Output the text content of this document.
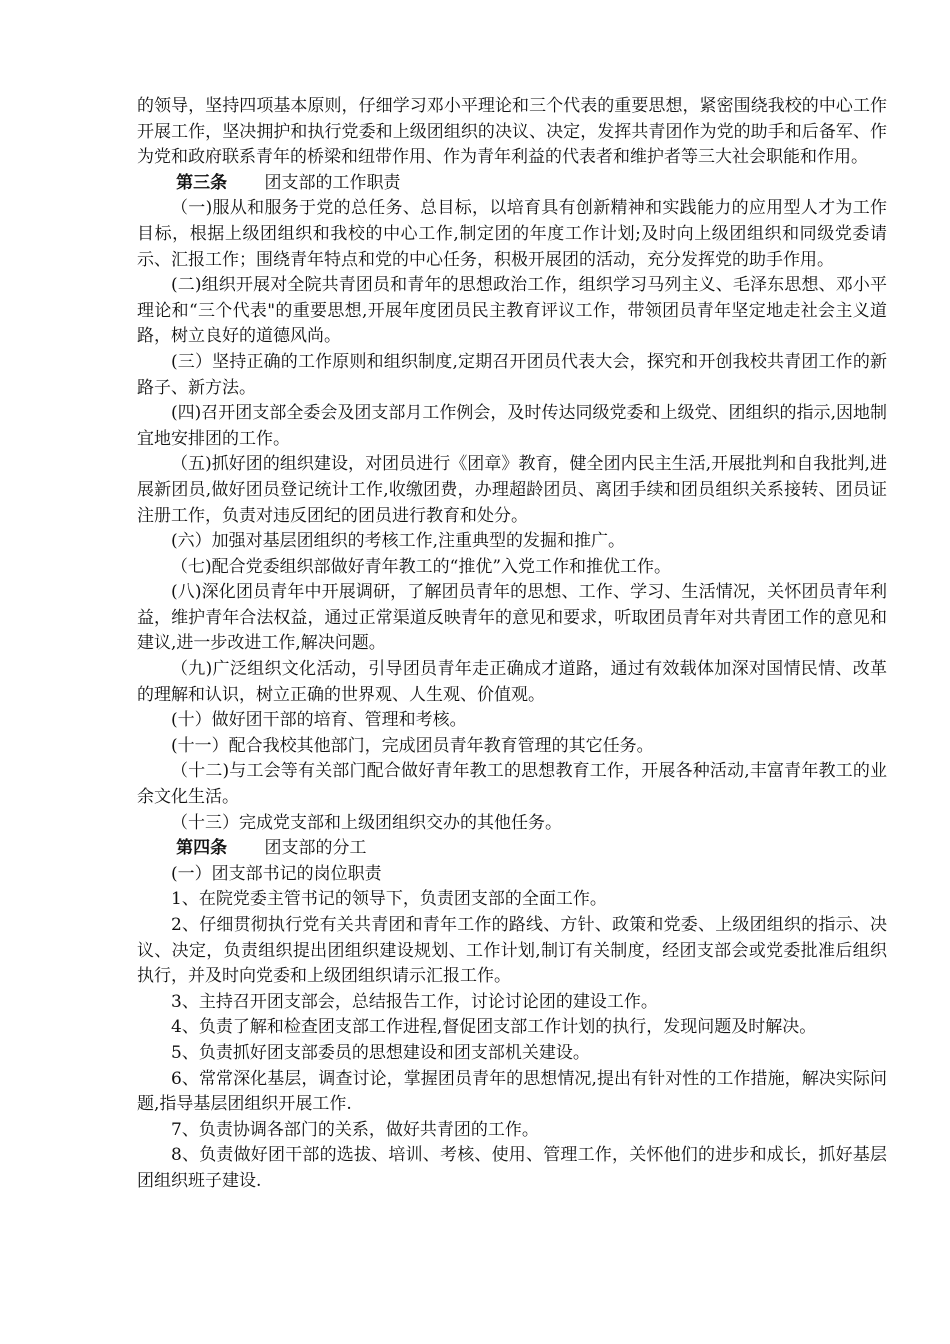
的领导，坚持四项基本原则，仔细学习邓小平理论和三个代表的重要思想，紧密围绕我校的中心工作开展工作，坚决拥护和执行党委和上级团组织的决议、决定，发挥共青团作为党的助手和后备军、作为党和政府联系青年的桥梁和纽带作用、作为青年利益的代表者和维护者等三大社会职能和作用。

第三条 团支部的工作职责

（一)服从和服务于党的总任务、总目标，以培育具有创新精神和实践能力的应用型人才为工作目标，根据上级团组织和我校的中心工作,制定团的年度工作计划;及时向上级团组织和同级党委请示、汇报工作；围绕青年特点和党的中心任务，积极开展团的活动，充分发挥党的助手作用。

(二)组织开展对全院共青团员和青年的思想政治工作，组织学习马列主义、毛泽东思想、邓小平理论和“三个代表"的重要思想,开展年度团员民主教育评议工作，带领团员青年坚定地走社会主义道路，树立良好的道德风尚。

(三）坚持正确的工作原则和组织制度,定期召开团员代表大会，探究和开创我校共青团工作的新路子、新方法。

(四)召开团支部全委会及团支部月工作例会，及时传达同级党委和上级党、团组织的指示,因地制宜地安排团的工作。

（五)抓好团的组织建设，对团员进行《团章》教育，健全团内民主生活,开展批判和自我批判,进展新团员,做好团员登记统计工作,收缴团费，办理超龄团员、离团手续和团员组织关系接转、团员证注册工作，负责对违反团纪的团员进行教育和处分。

(六）加强对基层团组织的考核工作,注重典型的发掘和推广。

（七)配合党委组织部做好青年教工的“推优”入党工作和推优工作。

(八)深化团员青年中开展调研，了解团员青年的思想、工作、学习、生活情况，关怀团员青年利益，维护青年合法权益，通过正常渠道反映青年的意见和要求，听取团员青年对共青团工作的意见和建议,进一步改进工作,解决问题。

（九)广泛组织文化活动，引导团员青年走正确成才道路，通过有效载体加深对国情民情、改革的理解和认识，树立正确的世界观、人生观、价值观。

(十）做好团干部的培育、管理和考核。

(十一）配合我校其他部门，完成团员青年教育管理的其它任务。

（十二)与工会等有关部门配合做好青年教工的思想教育工作，开展各种活动,丰富青年教工的业余文化生活。

（十三）完成党支部和上级团组织交办的其他任务。

第四条 团支部的分工

(一）团支部书记的岗位职责

1、在院党委主管书记的领导下，负责团支部的全面工作。

2、仔细贯彻执行党有关共青团和青年工作的路线、方针、政策和党委、上级团组织的指示、决议、决定，负责组织提出团组织建设规划、工作计划,制订有关制度，经团支部会或党委批准后组织执行，并及时向党委和上级团组织请示汇报工作。

3、主持召开团支部会，总结报告工作，讨论讨论团的建设工作。

4、负责了解和检查团支部工作进程,督促团支部工作计划的执行，发现问题及时解决。

5、负责抓好团支部委员的思想建设和团支部机关建设。

6、常常深化基层，调查讨论，掌握团员青年的思想情况,提出有针对性的工作措施，解决实际问题,指导基层团组织开展工作.

7、负责协调各部门的关系，做好共青团的工作。

8、负责做好团干部的选拔、培训、考核、使用、管理工作，关怀他们的进步和成长，抓好基层团组织班子建设.
